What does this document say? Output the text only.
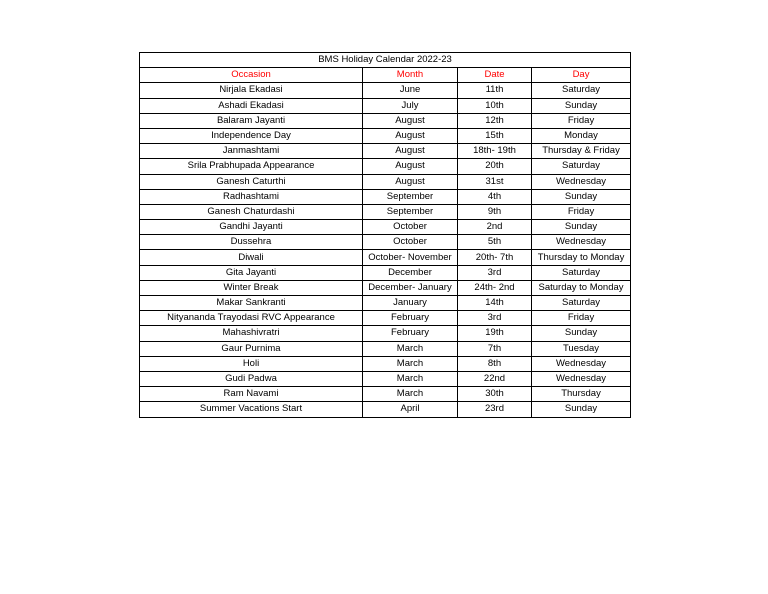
BMS Holiday Calendar 2022-23			
Occasion	Month	Date	Day
Nirjala Ekadasi	June	11th	Saturday
Ashadi Ekadasi	July	10th	Sunday
Balaram Jayanti	August	12th	Friday
Independence Day	August	15th	Monday
Janmashtami	August	18th- 19th	Thursday & Friday
Srila Prabhupada Appearance	August	20th	Saturday
Ganesh Caturthi	August	31st	Wednesday
Radhashtami	September	4th	Sunday
Ganesh Chaturdashi	September	9th	Friday
Gandhi Jayanti	October	2nd	Sunday
Dussehra	October	5th	Wednesday
Diwali	October- November	20th- 7th	Thursday to Monday
Gita Jayanti	December	3rd	Saturday
Winter Break	December- January	24th- 2nd	Saturday to Monday
Makar Sankranti	January	14th	Saturday
Nityananda Trayodasi RVC Appearance	February	3rd	Friday
Mahashivratri	February	19th	Sunday
Gaur Purnima	March	7th	Tuesday
Holi	March	8th	Wednesday
Gudi Padwa	March	22nd	Wednesday
Ram Navami	March	30th	Thursday
Summer Vacations Start	April	23rd	Sunday
